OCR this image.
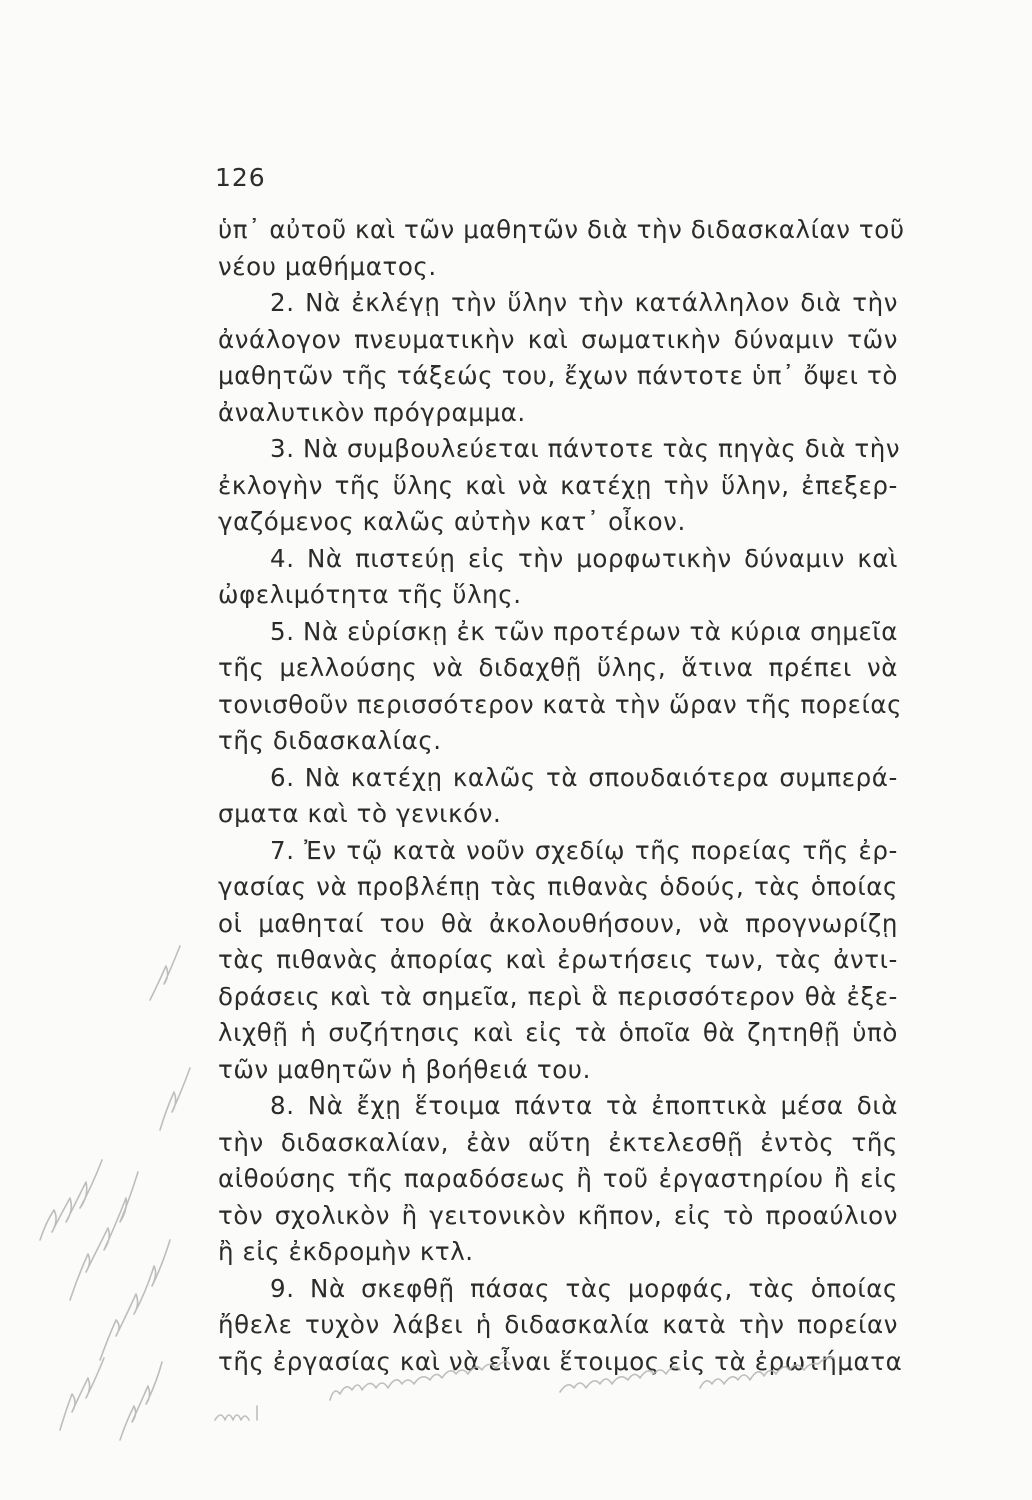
126
ὑπ᾽ αὐτοῦ καὶ τῶν μαθητῶν διὰ τὴν διδασκαλίαν τοῦ
νέου μαθήματος.
2. Νὰ ἐκλέγῃ τὴν ὕλην τὴν κατάλληλον διὰ τὴν
ἀνάλογον πνευματικὴν καὶ σωματικὴν δύναμιν τῶν
μαθητῶν τῆς τάξεώς του, ἔχων πάντοτε ὑπ᾽ ὄψει τὸ
ἀναλυτικὸν πρόγραμμα.
3. Νὰ συμβουλεύεται πάντοτε τὰς πηγὰς διὰ τὴν
ἐκλογὴν τῆς ὕλης καὶ νὰ κατέχῃ τὴν ὕλην, ἐπεξερ-
γαζόμενος καλῶς αὐτὴν κατ᾽ οἶκον.
4. Νὰ πιστεύῃ εἰς τὴν μορφωτικὴν δύναμιν καὶ
ὠφελιμότητα τῆς ὕλης.
5. Νὰ εὑρίσκῃ ἐκ τῶν προτέρων τὰ κύρια σημεῖα
τῆς μελλούσης νὰ διδαχθῇ ὕλης, ἅτινα πρέπει νὰ
τονισθοῦν περισσότερον κατὰ τὴν ὥραν τῆς πορείας
τῆς διδασκαλίας.
6. Νὰ κατέχῃ καλῶς τὰ σπουδαιότερα συμπερά-
σματα καὶ τὸ γενικόν.
7. Ἐν τῷ κατὰ νοῦν σχεδίῳ τῆς πορείας τῆς ἐρ-
γασίας νὰ προβλέπῃ τὰς πιθανὰς ὁδούς, τὰς ὁποίας
οἱ μαθηταί του θὰ ἀκολουθήσουν, νὰ προγνωρίζῃ
τὰς πιθανὰς ἀπορίας καὶ ἐρωτήσεις των, τὰς ἀντι-
δράσεις καὶ τὰ σημεῖα, περὶ ἃ περισσότερον θὰ ἐξε-
λιχθῇ ἡ συζήτησις καὶ εἰς τὰ ὁποῖα θὰ ζητηθῇ ὑπὸ
τῶν μαθητῶν ἡ βοήθειά του.
8. Νὰ ἔχῃ ἕτοιμα πάντα τὰ ἐποπτικὰ μέσα διὰ
τὴν διδασκαλίαν, ἐὰν αὕτη ἐκτελεσθῇ ἐντὸς τῆς
αἰθούσης τῆς παραδόσεως ἢ τοῦ ἐργαστηρίου ἢ εἰς
τὸν σχολικὸν ἢ γειτονικὸν κῆπον, εἰς τὸ προαύλιον
ἢ εἰς ἐκδρομὴν κτλ.
9. Νὰ σκεφθῇ πάσας τὰς μορφάς, τὰς ὁποίας
ἤθελε τυχὸν λάβει ἡ διδασκαλία κατὰ τὴν πορείαν
τῆς ἐργασίας καὶ νὰ εἶναι ἕτοιμος εἰς τὰ ἐρωτήματα
